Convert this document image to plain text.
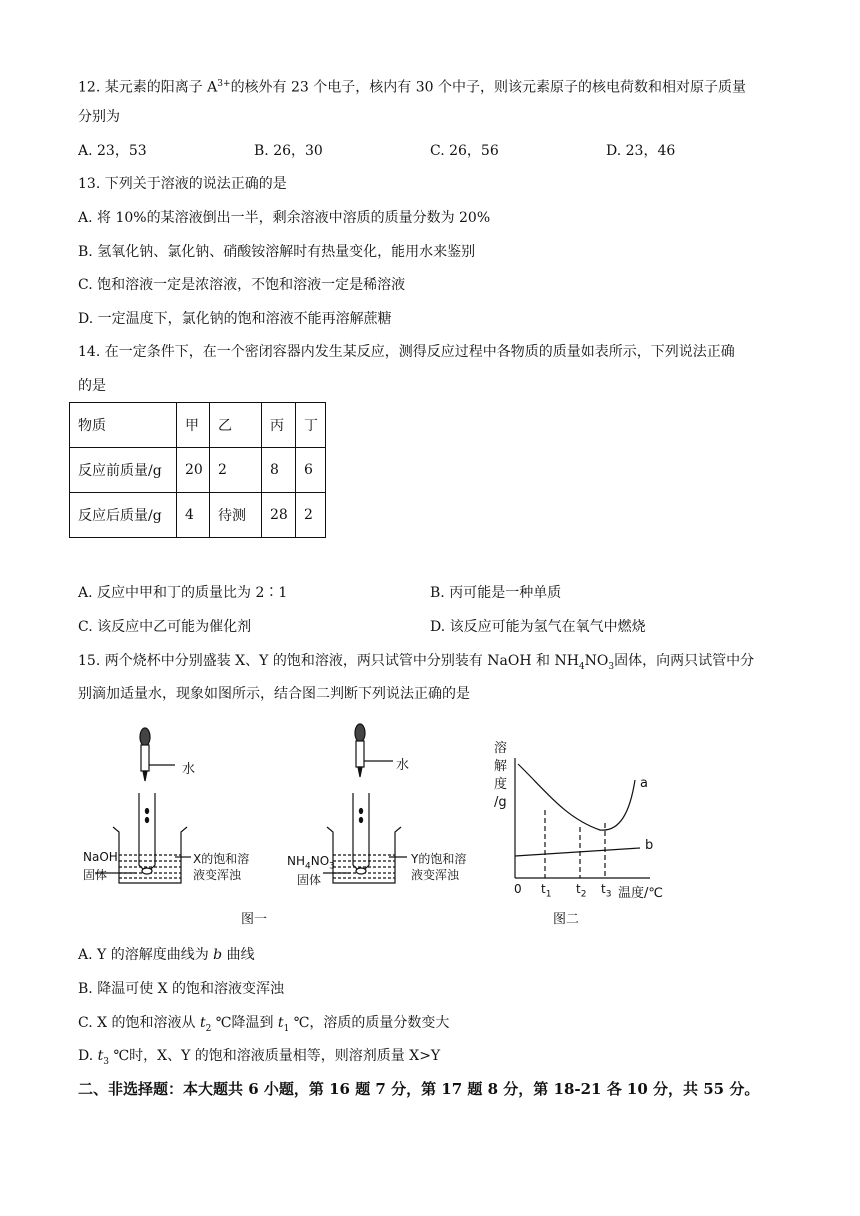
12. 某元素的阳离子 $A^{3+}$的核外有 23 个电子，核内有 30 个中子，则该元素原子的核电荷数和相对原子质量
分别为
A. 23，53	B. 26，30	C. 26，56	D. 23，46
13. 下列关于溶液的说法正确的是
A. 将 10%的某溶液倒出一半，剩余溶液中溶质的质量分数为 20%
B. 氢氧化钠、氯化钠、硝酸铵溶解时有热量变化，能用水来鉴别
C. 饱和溶液一定是浓溶液，不饱和溶液一定是稀溶液
D. 一定温度下，氯化钠的饱和溶液不能再溶解蔗糖
14. 在一定条件下，在一个密闭容器内发生某反应，测得反应过程中各物质的质量如表所示，下列说法正确
的是
物质	甲	乙	丙	丁
反应前质量/g	20	2	8	6
反应后质量/g	4	待测	28	2
A. 反应中甲和丁的质量比为 2∶1	B. 丙可能是一种单质
C. 该反应中乙可能为催化剂	D. 该反应可能为氢气在氧气中燃烧
15. 两个烧杯中分别盛装 X、Y 的饱和溶液，两只试管中分别装有 NaOH 和 $NH_4NO_3$固体，向两只试管中分
别滴加适量水，现象如图所示，结合图二判断下列说法正确的是
水	水
NaOH
固体
X的饱和溶
液变浑浊
$NH_4NO_3$
固体
Y的饱和溶
液变浑浊
图一
溶
解
度
/g
a
b
0 $t_1$ $t_2$ $t_3$ 温度/℃
图二
A. Y 的溶解度曲线为 b 曲线
B. 降温可使 X 的饱和溶液变浑浊
C. X 的饱和溶液从 $t_2$ ℃降温到 $t_1$ ℃，溶质的质量分数变大
D. $t_3$ ℃时，X、Y 的饱和溶液质量相等，则溶剂质量 X>Y
二、非选择题：本大题共 6 小题，第 16 题 7 分，第 17 题 8 分，第 18-21 各 10 分，共 55 分。
